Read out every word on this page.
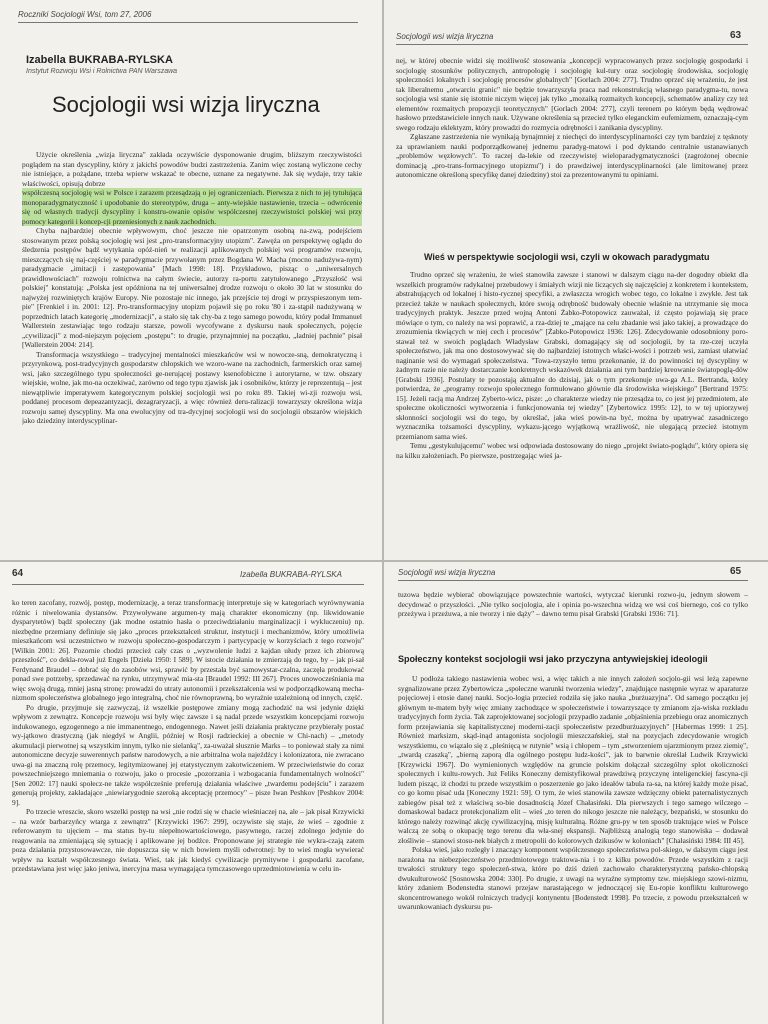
Roczniki Socjologii Wsi, tom 27, 2006
Izabella BUKRABA-RYLSKA
Instytut Rozwoju Wsi i Rolnictwa PAN Warszawa
Socjologii wsi wizja liryczna

Użycie określenia „wizja liryczna" zakłada oczywiście dysponowanie drugim, bliższym rzeczywistości poglądem na stan dyscypliny, który z jakichś powodów budzi zastrzeżenia. Zanim więc zostaną wyliczone cechy nie istniejące, a pożądane, trzeba wpierw wskazać te obecne, uznane za negatywne. Jak się wydaje, trzy takie właściwości, opisują dobrze

współczesną socjologię wsi w Polsce i zarazem przesądzają o jej ograniczeniach. Pierwsza z nich to jej tytułująca monoparadygmatyczność i upodobanie do stereotypów, druga – anty-wiejskie nastawienie, trzecia – odwrócenie się od własnych tradycji dyscypliny i konstru-owanie opisów współczesnej rzeczywistości polskiej wsi przy pomocy kategorii i koncep-cji przeniesionych z nauk zachodnich.

Chyba najbardziej obecnie wpływowym, choć jeszcze nie opatrzonym osobną na-zwą, podejściem stosowanym przez polską socjologię wsi jest „pro-transformacyjny utopizm". Zawęża on perspektywę oglądu do śledzenia postępów bądź wytykania opóź-nień w realizacji aplikowanych polskiej wsi programów rozwoju, mieszczących się naj-częściej w paradygmacie przywołanym przez Bogdana W. Macha (mocno nadużywa-nym) paradygmacie „imitacji i zastępowania" [Mach 1998: 18]. Przykładowo, pisząc o „uniwersalnych prawidłowościach" rozwoju rolnictwa na całym świecie, autorzy ra-portu zatytułowanego „Przyszłość wsi polskiej" konstatują: „Polska jest opóźniona na tej uniwersalnej drodze rozwoju o około 30 lat w stosunku do najwyżej rozwiniętych krajów Europy. Nie pozostaje nic innego, jak przejście tej drogi w przyspieszonym tem-pie" [Frenkiel i in. 2001: 12]. Pro-transformacyjny utopizm pojawił się po roku '80 i za-stąpił nadużywaną w poprzednich latach kategorię „modernizacji", a stało się tak chy-ba z tego samego powodu, który podał Immanuel Wallerstein zestawiając tego rodzaju starsze, powoli wycofywane z dyskursu nauk społecznych, pojęcie „cywilizacji" z mod-niejszym pojęciem „postępu": to drugie, przynajmniej na początku, „ładniej pachnie" pisał [Wallerstein 2004: 214].

Transformacja wszystkiego – tradycyjnej mentalności mieszkańców wsi w nowocze-sną, demokratyczną i przyrynkową, post-tradycyjnych gospodarstw chłopskich we wzoro-wane na zachodnich, farmerskich oraz samej wsi, jako szczególnego typu społeczności ge-nerującej postawy ksenofobiczne i autorytarne, w tzw. obszary wiejskie, wolne, jak mo-na oczekiwać, zarówno od tego typu zjawisk jak i osobników, którzy je reprezentują – jest niewątpliwie imperatywem kategorycznym polskiej socjologii wsi po roku 89. Takiej wi-zji rozwoju wsi, poddanej procesom depeazantyzacji, dezagraryzacji, a więc również deru-ralizacji towarzyszy określona wizja rozwoju samej dyscypliny. Ma ona ewolucyjny od tra-dycyjnej socjologii wsi do socjologii obszarów wiejskich jako dziedziny interdyscyplinar-

Socjologii wsi wizja liryczna	63

nej, w której obecnie widzi się możliwość stosowania „koncepcji wypracowanych przez socjologię gospodarki i socjologię stosunków politycznych, antropologię i socjologię kul-tury oraz socjologię środowiska, socjologię społeczności lokalnych i socjologię procesów globalnych" [Gorlach 2004: 277]. Trudno oprzeć się wrażeniu, że jest tak liberalnemu „otwarciu granic" nie będzie towarzyszyła praca nad rekonstrukcją własnego paradygma-tu, nowa socjologia wsi stanie się istotnie niczym więcej jak tylko „mozaiką rozmaitych koncepcji, schematów analizy czy też elementów rozmaitych propozycji teoretycznych" [Gorlach 2004: 277], czyli terenem po którym będą wędrować hasłowo przedstawiciele innych nauk. Używane określenia są przecież tylko eleganckim eufemizmem, oznaczają-cym swego rodzaju eklektyzm, który prowadzi do rozmycia odrębności i zanikania dyscypliny.

Zgłaszane zastrzeżenia nie wynikają bynajmniej z niechęci do interdyscyplinarności czy tym bardziej z tęsknoty za uprawianiem nauki podporządkowanej jednemu paradyg-matowi i pod dyktando centralnie ustanawianych „problemów węzłowych". To raczej da-lekie od rzeczywistej wieloparadygmatyczności (zagrożonej obecnie dominacją „pro-trans-formacyjnego utopizmu") i do prawdziwej interdyscyplinarności (ale limitowanej przez autonomiczne określoną specyfikę danej dziedziny) stoi za prezentowanymi tu opiniami.

Wieś w perspektywie socjologii wsi, czyli w okowach paradygmatu

Trudno oprzeć się wrażeniu, że wieś stanowiła zawsze i stanowi w dalszym ciągu na-der dogodny obiekt dla wszelkich programów radykalnej przebudowy i śmiałych wizji nie liczących się najczęściej z konkretem i kontekstem, abstrahujących od lokalnej i histo-rycznej specyfiki, a zwłaszcza wrogich wobec tego, co lokalne i zwykłe. Jest tak przecież także w naukach społecznych, które swoją odrębność budowały obecnie właśnie na utrzymanie się moca tradycyjnych praktyk. Jeszcze przed wojną Antoni Żabko-Potopowicz zauważał, iż często pojawiają się prace mówiące o tym, co należy na wsi poprawić, a rza-dziej te „mające na celu zbadanie wsi jako takiej, a prowadzące do zrozumienia tkwiących w niej cech i procesów" [Żabko-Potopowicz 1936: 126]. Zdecydowanie odosobniony poro-stawał też w swoich poglądach Władysław Grabski, domagający się od socjologii, by ta rze-czej uczyła społeczeństwo, jak ma ono dostosowywać się do najbardziej istotnych właści-wości i potrzeb wsi, zamiast ułatwiać naginanie wsi do wymagań społeczeństwa. "Towa-rzyszyło temu przekonanie, iż do powinności tej dyscypliny w żadnym razie nie należy dostarczanie konkretnych wskazówek działania ani tym bardziej kreowanie światopoglą-dów [Grabski 1936]. Postulaty te pozostają aktualne do dzisiaj, jak o tym przekonuje uwa-ga A.L. Bertranda, który potwierdza, że „programy rozwoju społecznego formułowano głównie dla środowiska wiejskiego" [Bertrand 1975: 15]. Jeżeli racją ma Andrzej Zyberto-wicz, pisze: „o charakterze wiedzy nie przesądza to, co jest jej przedmiotem, ale społeczne okoliczności wytworzenia i funkcjonowania tej wiedzy" [Zybertowicz 1995: 12], to w tej upiorzywej skłonności socjologii wsi do tego, by określać, jaka wieś powin-na być, można by upatrywać zasadniczego wyznacznika tożsamości dyscypliny, wykazu-jącego wyjątkową wrażliwość, nie ulegającą przecież istotnym przemianom sama wieś.

Temu „gestykulującemu" wobec wsi odpowiada dostosowany do niego „projekt świato-poglądu", który opiera się na kilku założeniach. Po pierwsze, postrzegając wieś ja-

64	Izabella BUKRABA-RYLSKA

ko teren zacofany, rozwój, postęp, modernizację, a teraz transformację interpretuje się w kategoriach wyrównywania różnic i niwelowania dystansów. Przywoływane argumen-ty mają charakter ekonomiczny (np. likwidowanie dysparytetów) bądź społeczny (jak modne ostatnio hasła o przeciwdziałaniu marginalizacji i wykluczeniu) np. niezbędne przemiany definiuje się jako „proces przekształceń struktur, instytucji i mechanizmów, który umożliwia mieszkańcom wsi uczestnictwo w rozwoju społeczno-gospodarczym i partycypację w korzyściach z tego rozwoju" [Wilkin 2001: 26]. Pozornie chodzi przecież cały czas o „wyzwolenie ludzi z kajdan ułudy przez ich zbiorową przeszłość", co dekla-rował już Engels [Dzieła 1950: I 589]. W istocie działania te zmierzają do tego, by – jak pi-sał Ferdynand Braudel – dobrać się do zasobów wsi, sprawić by przestała być samowystar-czalna, zaczęła produkować ponad swe potrzeby, sprzedawać na rynku, utrzymywać mia-sta [Braudel 1992: III 267]. Proces unowocześniania ma więc swoją drugą, mniej jasną stronę: prowadzi do utraty autonomii i przekształcenia wsi w podporządkowaną mecha-nizmom społeczeństwa globalnego jego integralną, choć nie równoprawną, bo wyraźnie uzależnioną od innych, część.

Po drugie, przyjmuje się zazwyczaj, iż wszelkie postępowe zmiany mogą zachodzić na wsi jedynie dzięki wpływom z zewnątrz. Koncepcje rozwoju wsi były więc zawsze i są nadal przede wszystkim koncepcjami rozwoju indukowanego, egzogennego a nie immanentnego, endogennego. Nawet jeśli działania praktyczne przybierały postać wy-jątkowo drastyczną (jak niegdyś w Anglii, później w Rosji radzieckiej a obecnie w Chi-nach) – „metody akumulacji pierwotnej są wszystkim innym, tylko nie sielanką", za-uważał słusznie Marks – to ponieważ stały za nimi autonomiczne decyzje suwerennych państw narodowych, a nie arbitralna wola najeźdźcy i kolonizatora, nie zwracano uwa-gi na znaczną rolę przemocy, legitymizowanej jej etatystycznym zakotwiczeniem. W przeciwieństwie do coraz powszechniejszego mniemania o rozwoju, jako o procesie „pozorzania i wzbogacania fundamentalnych wolności" [Sen 2002: 17] nauki społecz-ne także współcześnie preferują działania właściwe „twardemu podejściu" i zarazem generują projekty, zakładające „niewiarygodnie szeroką akceptację przemocy" – pisze Iwan Peshkov [Peshkov 2004: 9].

Po trzecie wreszcie, skoro wszelki postęp na wsi „nie rodzi się w chacie wieśniaczej na, ale – jak pisał Krzywicki – na wzór barbarzyńcy wtarga z zewnątrz" [Krzywicki 1967: 299], oczywiste się staje, że wieś – zgodnie z referowanym tu ujęciem – ma status by-tu niepełnowartościowego, pasywnego, raczej zdolnego jedynie do reagowania na zmieniającą się sytuację i aplikowane jej bodźce. Proponowane jej strategie nie wykra-czają zatem poza działania przystosowawcze, nie dopuszcza się w nich bowiem myśli odwrotnej: by to wieś mogła wywierać wpływ na kształt współczesnego świata. Wieś, tak jak kiedyś cywilizacje prymitywne i gospodarki zacofane, przedstawiana jest więc jako jeniwa, inercyjna masa wymagająca tymczasowego uprzedmiotowienia w celu in-

Socjologii wsi wizja liryczna	65

tuzowa będzie wybierać obowiązujące powszechnie wartości, wytyczać kierunki rozwo-ju, jednym słowem – decydować o przyszłości. „Nie tylko socjologia, ale i opinia po-wszechna widzą we wsi coś biernego, coś co tylko przeżywa i przeżuwa, a nie tworzy i nie dąży" – dawno temu pisał Grabski [Grabski 1936: 71].

Społeczny kontekst socjologii wsi jako przyczyna antywiejskiej ideologii

U podłoża takiego nastawienia wobec wsi, a więc takich a nie innych założeń socjolo-gii wsi leżą zapewne sygnalizowane przez Zybertowicza „społeczne warunki tworzenia wiedzy", znajdujące następnie wyraz w aparaturze pojęciowej i etosie danej nauki. Socjo-logia przecież rodziła się jako nauka „burżuazyjna". Od samego początku jej głównym te-matem były więc zmiany zachodzące w społeczeństwie i towarzyszące ty zmianom zja-wiska rozkładu tradycyjnych form życia. Tak zaprojektowanej socjologii przypadło zadanie „objaśnienia przebiegu oraz anomicznych form przejawiania się kapitalistycznej moderni-zacji społeczeństw przedburżuazyjnych" [Habermas 1999: 1 25]. Również marksizm, skąd-inąd antagonista socjologii mieszczańskiej, stał na pozycjach zdecydowanie wrogich wszystkiemu, co wiązało się z „pleśnięcą w rutynie" wsią i chłopem – tym „stworzeniem ujarzmionym przez ziemię", „twardą czaszką", „bierną zaporą dla ogólnego postępu ludz-kości", jak to barwnie określał Ludwik Krzywicki [Krzywicki 1967]. Do wymienionych względów na gruncie polskim dołączał szczególny splot okoliczności społecznych i kultu-rowych. Już Feliks Koneczny demistyfikował prawdziwą przyczynę inteligenckiej fascyna-cji ludem pisząc, iż chodzi tu przede wszystkim o poszerzenie go jako ideałów tabula ra-sa, na której każdy może pisać, co go komu pisać uda [Koneczny 1921: 59]. O tym, że wieś stanowiła zawsze wdzięczny obiekt paternalistycznych zabiegów pisał też z właściwą so-bie dosadnością Józef Chałasiński. Dla pierwszych i tego samego wilczego – domaskowal badacz protekcjonalizm elit – wieś „to teren do nikogo jeszcze nie należący, bezpański, w stosunku do którego należy rozwinąć akcję cywilizacyjną, misję kulturalną. Różne gru-py w ten sposób traktujące wieś w Polsce walczą ze sobą o okupację tego terenu dla wła-snej ekspansji. Najbliższą analogią tego stanowiska – dodawał złośliwie – stanowi stosu-nek białych z metropolii do kolorowych dzikusów w koloniach" [Chałasiński 1984: III 45].

Polska wieś, jako rozległy i znaczący komponent współczesnego społeczeństwa pol-skiego, w dalszym ciągu jest narażona na niebezpieczeństwo przedmiotowego traktowa-nia i to z kilku powodów. Przede wszystkim z racji trwałości struktury tego społeczeń-stwa, które po dziś dzień zachowało charakterystyczną pańsko-chłopską dwukulturowość [Sosnowska 2004: 330]. Po drugie, z uwagi na wyraźne symptomy tzw. miejskiego szowi-nizmu, który zdaniem Bodenstedta stanowi przejaw narastającego w jednoczącej się Eu-ropie konfliktu kulturowego skoncentrowanego wokół rolniczych tradycji kontynentu [Bodenstedt 1998]. Po trzecie, z powodu przekształceń w uwarunkowaniach dyskursu pu-
